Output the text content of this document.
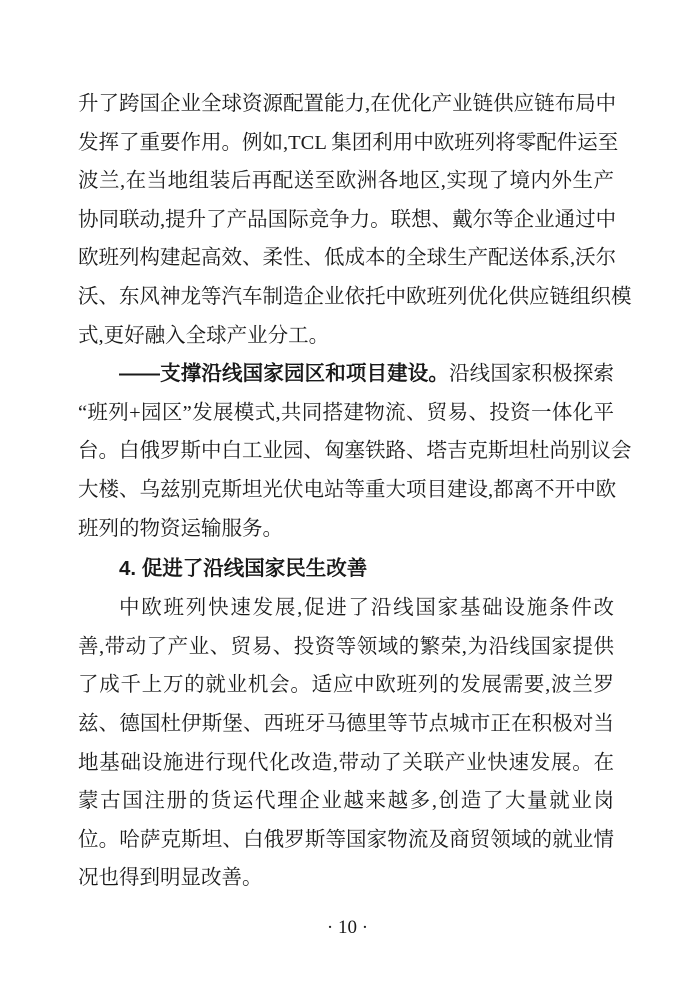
升了跨国企业全球资源配置能力,在优化产业链供应链布局中
发挥了重要作用。例如,TCL 集团利用中欧班列将零配件运至
波兰,在当地组装后再配送至欧洲各地区,实现了境内外生产
协同联动,提升了产品国际竞争力。联想、戴尔等企业通过中
欧班列构建起高效、柔性、低成本的全球生产配送体系,沃尔
沃、东风神龙等汽车制造企业依托中欧班列优化供应链组织模
式,更好融入全球产业分工。
——支撑沿线国家园区和项目建设。沿线国家积极探索
“班列+园区”发展模式,共同搭建物流、贸易、投资一体化平
台。白俄罗斯中白工业园、匈塞铁路、塔吉克斯坦杜尚别议会
大楼、乌兹别克斯坦光伏电站等重大项目建设,都离不开中欧
班列的物资运输服务。
4. 促进了沿线国家民生改善
中欧班列快速发展,促进了沿线国家基础设施条件改
善,带动了产业、贸易、投资等领域的繁荣,为沿线国家提供
了成千上万的就业机会。适应中欧班列的发展需要,波兰罗
兹、德国杜伊斯堡、西班牙马德里等节点城市正在积极对当
地基础设施进行现代化改造,带动了关联产业快速发展。在
蒙古国注册的货运代理企业越来越多,创造了大量就业岗
位。哈萨克斯坦、白俄罗斯等国家物流及商贸领域的就业情
况也得到明显改善。
· 10 ·
